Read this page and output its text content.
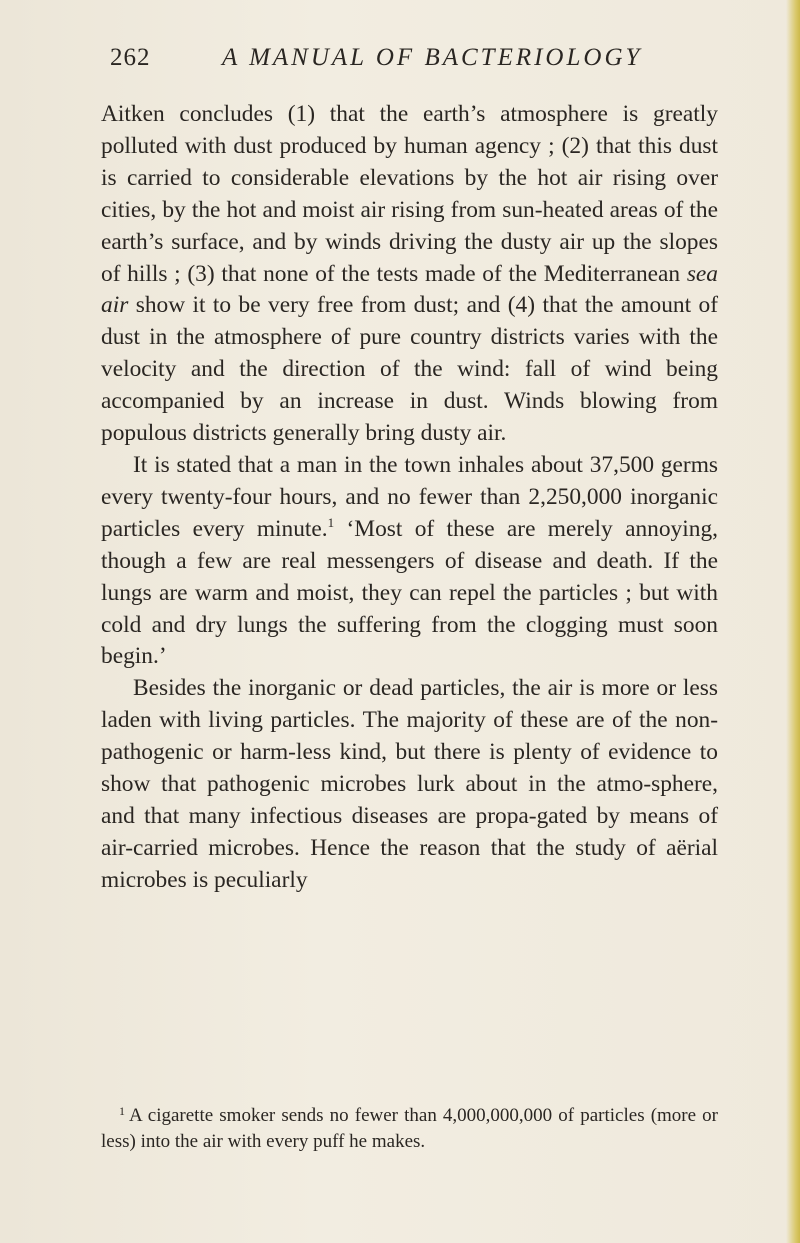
262	A MANUAL OF BACTERIOLOGY

Aitken concludes (1) that the earth’s atmosphere is greatly polluted with dust produced by human agency ; (2) that this dust is carried to considerable elevations by the hot air rising over cities, by the hot and moist air rising from sun-heated areas of the earth’s surface, and by winds driving the dusty air up the slopes of hills ; (3) that none of the tests made of the Mediterranean sea air show it to be very free from dust; and (4) that the amount of dust in the atmosphere of pure country districts varies with the velocity and the direction of the wind: fall of wind being accompanied by an increase in dust. Winds blowing from populous districts generally bring dusty air.

It is stated that a man in the town inhales about 37,500 germs every twenty-four hours, and no fewer than 2,250,000 inorganic particles every minute.$^1$ ‘Most of these are merely annoying, though a few are real messengers of disease and death. If the lungs are warm and moist, they can repel the particles ; but with cold and dry lungs the suffering from the clogging must soon begin.’

Besides the inorganic or dead particles, the air is more or less laden with living particles. The majority of these are of the non-pathogenic or harm-less kind, but there is plenty of evidence to show that pathogenic microbes lurk about in the atmo-sphere, and that many infectious diseases are propa-gated by means of air-carried microbes. Hence the reason that the study of aërial microbes is peculiarly

$^1$ A cigarette smoker sends no fewer than 4,000,000,000 of particles (more or less) into the air with every puff he makes.
